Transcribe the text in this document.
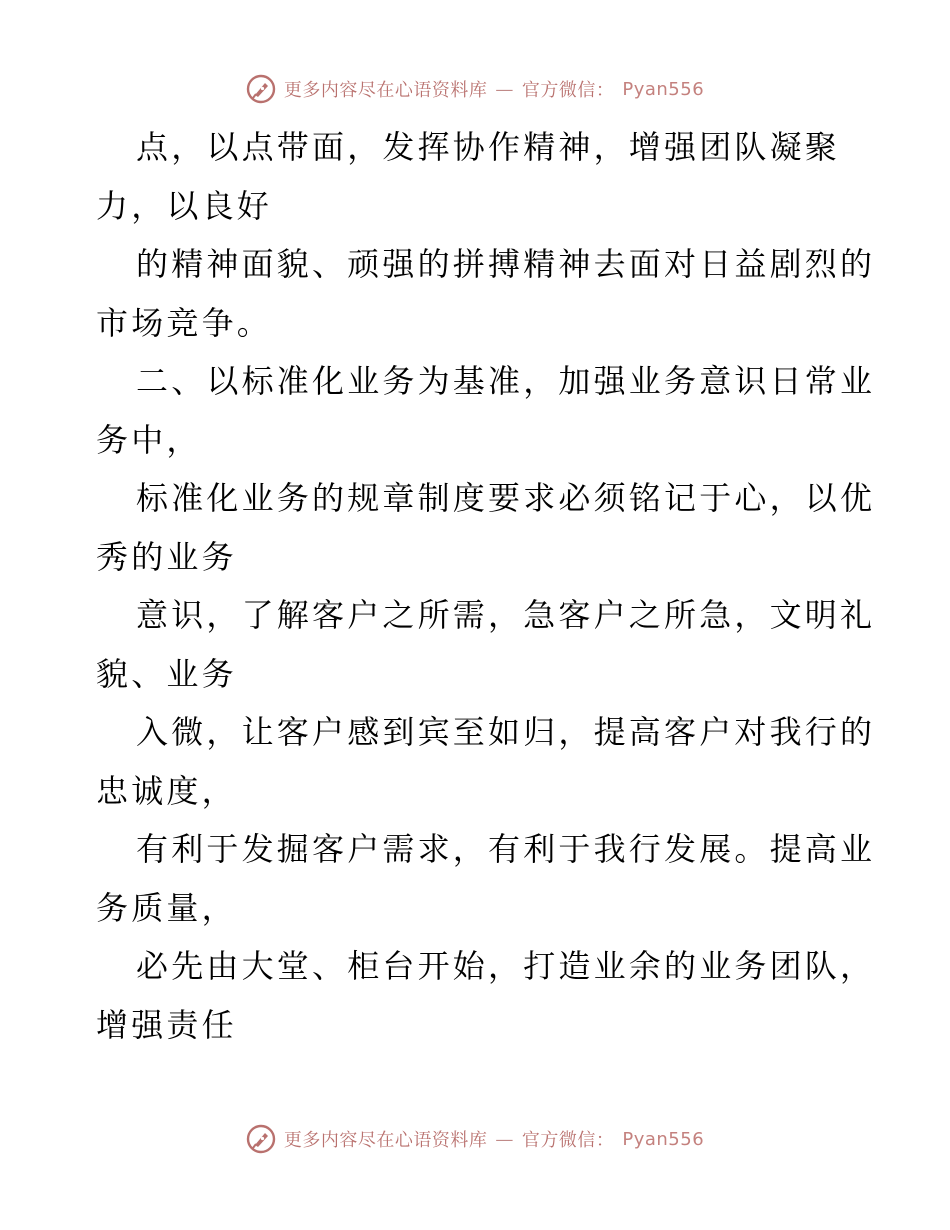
更多内容尽在心语资料库 — 官方微信： Pyan556
点，以点带面，发挥协作精神，增强团队凝聚
力，以良好
的精神面貌、顽强的拼搏精神去面对日益剧烈的
市场竞争。
二、以标准化业务为基准，加强业务意识日常业
务中，
标准化业务的规章制度要求必须铭记于心，以优
秀的业务
意识，了解客户之所需，急客户之所急，文明礼
貌、业务
入微，让客户感到宾至如归，提高客户对我行的
忠诚度，
有利于发掘客户需求，有利于我行发展。提高业
务质量，
必先由大堂、柜台开始，打造业余的业务团队，
增强责任
更多内容尽在心语资料库 — 官方微信： Pyan556
